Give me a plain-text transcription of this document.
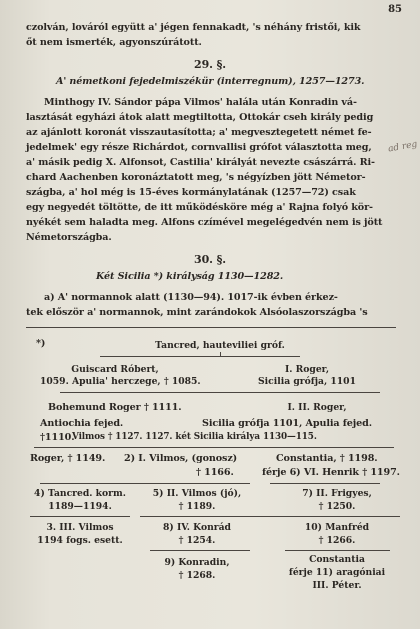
85
czolván, lováról együtt a' jégen fennakadt, 's néhány fristői, kik
őt nem ismerték, agyonszúrátott.
29. §.
A' németkoni fejedelmiszékür (interregnum), 1257—1273.
Minthogy IV. Sándor pápa Vilmos' halála után Konradin vá-
lasztását egyházi átok alatt megtiltotta, Ottokár cseh király pedig
az ajánlott koronát visszautasította; a' megvesztegetett német fe-
jedelmek' egy része Richárdot, cornvallisi grófot választotta meg,
a' másik pedig X. Alfonsot, Castilia' királyát nevezte császárrá. Ri-
chard Aachenben koronáztatott meg, 's négyízben jött Németor-
szágba, a' hol még is 15-éves kormánylatának (1257—72) csak
egy negyedét töltötte, de itt működésköre még a' Rajna folyó kör-
nyékét sem haladta meg. Alfons czímével megelégedvén nem is jött
Németországba.
ad reg
30. §.
Két Sicilia *) királyság 1130—1282.
a) A' normannok alatt (1130—94). 1017-ik évben érkez-
tek először a' normannok, mint zarándokok Alsóolaszországba 's
*)	Tancred, hauteviliei gróf.
Guiscard Róbert,
1059. Apulia' herczege, † 1085.
I. Roger,
Sicilia grófja, 1101
Bohemund Roger † 1111.
Antiochia fejed.
†1110.
I. II. Roger,
Sicilia grófja 1101, Apulia fejed.
Vilmos † 1127. 1127. két Sicilia királya 1130—115.
Roger, † 1149. 2) I. Vilmos, (gonosz)
† 1166.
Constantia, † 1198.
férje 6) VI. Henrik † 1197.
4) Tancred. korm.
1189—1194.
5) II. Vilmos (jó),
† 1189.
7) II. Frigyes,
† 1250.
3. III. Vilmos
1194 fogs. esett.
8) IV. Konrád
† 1254.
10) Manfréd
† 1266.
9) Konradin,
† 1268.
Constantia
férje 11) aragóniai
III. Péter.
